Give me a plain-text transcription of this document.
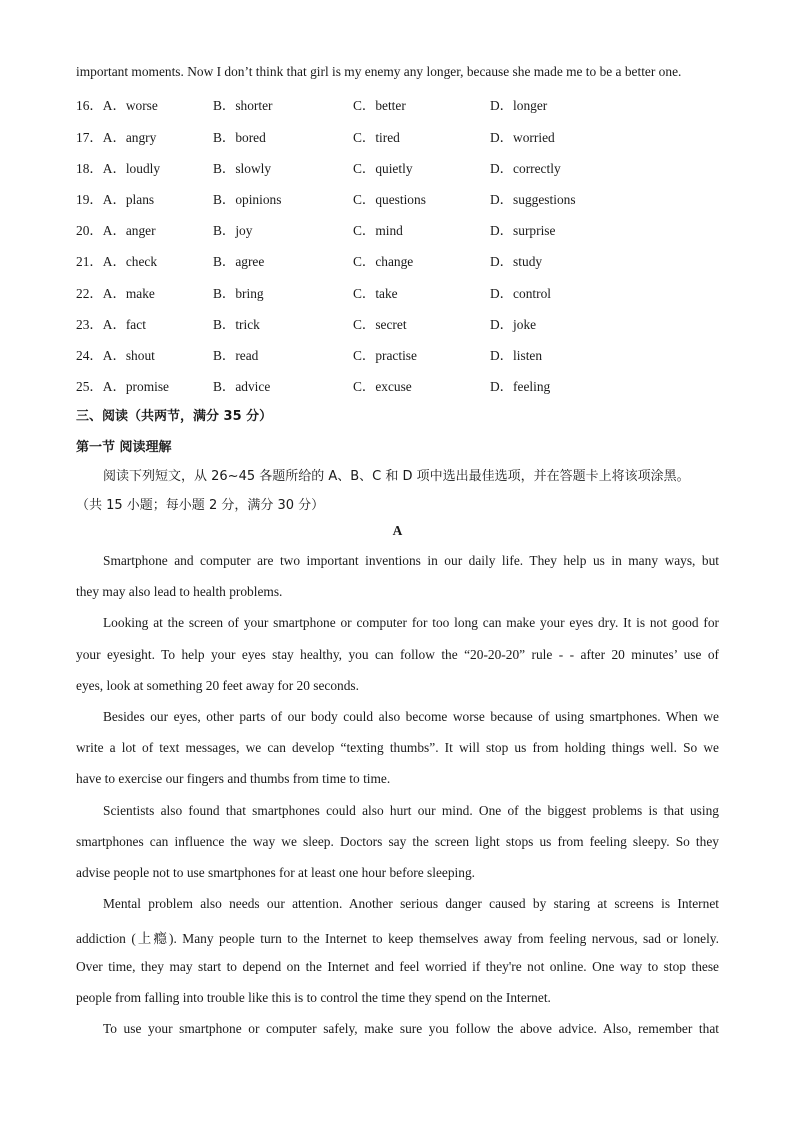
important moments. Now I don’t think that girl is my enemy any longer, because she made me to be a better one.
16．A．worse	B．shorter	C．better	D．longer
17．A．angry	B．bored	C．tired	D．worried
18．A．loudly	B．slowly	C．quietly	D．correctly
19．A．plans	B．opinions	C．questions	D．suggestions
20．A．anger	B．joy	C．mind	D．surprise
21．A．check	B．agree	C．change	D．study
22．A．make	B．bring	C．take	D．control
23．A．fact	B．trick	C．secret	D．joke
24．A．shout	B．read	C．practise	D．listen
25．A．promise	B．advice	C．excuse	D．feeling
三、阅读（共两节，满分 35 分）
第一节 阅读理解
阅读下列短文，从 26~45 各题所给的 A、B、C 和 D 项中选出最佳选项，并在答题卡上将该项涂黑。
（共 15 小题；每小题 2 分，满分 30 分）
A
Smartphone and computer are two important inventions in our daily life. They help us in many ways, but
they may also lead to health problems.
Looking at the screen of your smartphone or computer for too long can make your eyes dry. It is not good for
your eyesight. To help your eyes stay healthy, you can follow the “20-20-20” rule - - after 20 minutes’ use of
eyes, look at something 20 feet away for 20 seconds.
Besides our eyes, other parts of our body could also become worse because of using smartphones. When we
write a lot of text messages, we can develop “texting thumbs”. It will stop us from holding things well. So we
have to exercise our fingers and thumbs from time to time.
Scientists also found that smartphones could also hurt our mind. One of the biggest problems is that using
smartphones can influence the way we sleep. Doctors say the screen light stops us from feeling sleepy. So they
advise people not to use smartphones for at least one hour before sleeping.
Mental problem also needs our attention. Another serious danger caused by staring at screens is Internet
addiction (上瘾). Many people turn to the Internet to keep themselves away from feeling nervous, sad or lonely.
Over time, they may start to depend on the Internet and feel worried if they're not online. One way to stop these
people from falling into trouble like this is to control the time they spend on the Internet.
To use your smartphone or computer safely, make sure you follow the above advice. Also, remember that
